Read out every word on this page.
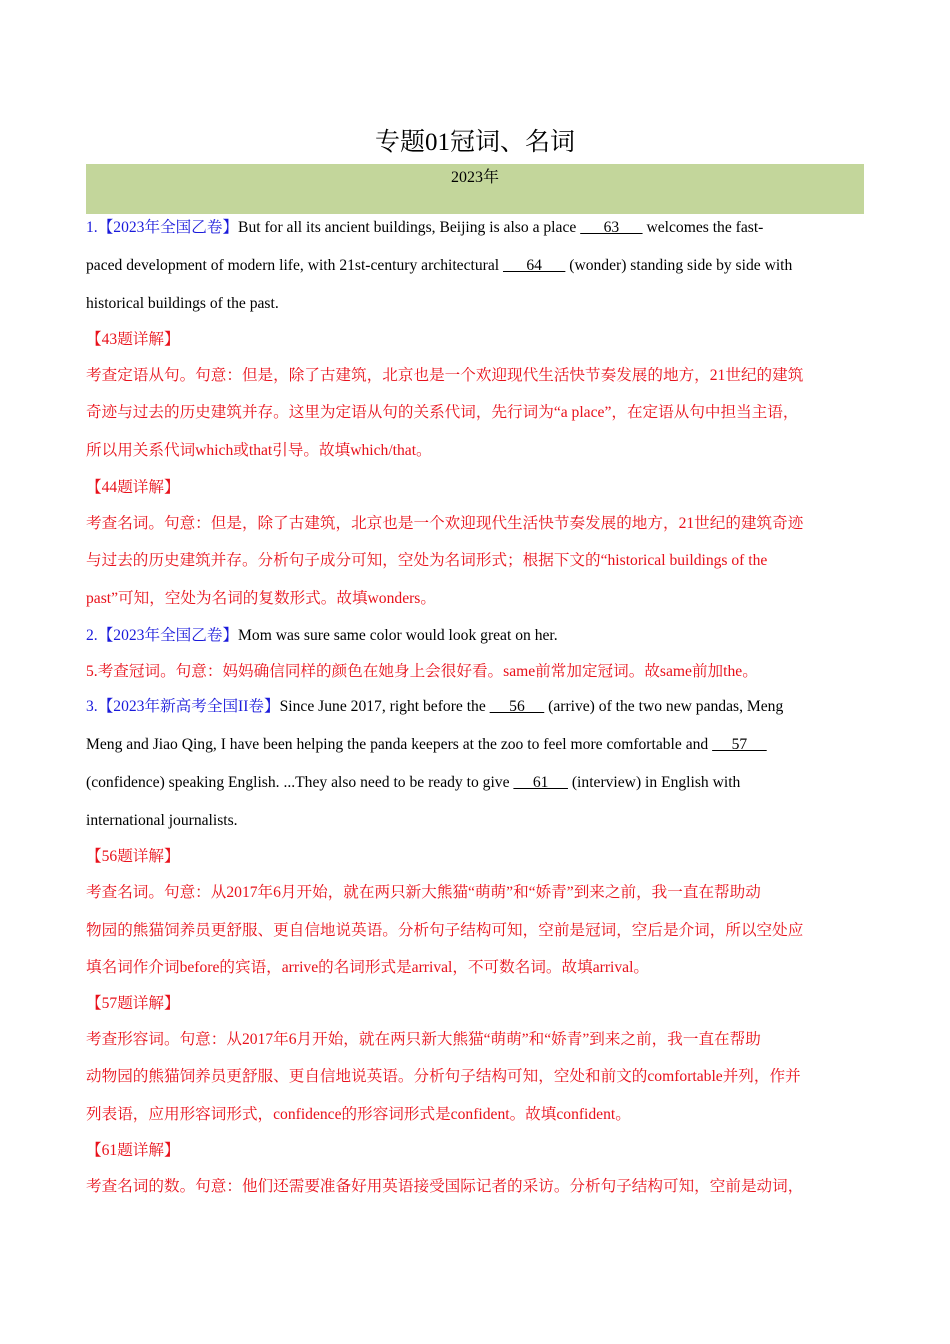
专题01冠词、名词
2023年
1.【2023年全国乙卷】But for all its ancient buildings, Beijing is also a place       63       welcomes the fast-
paced development of modern life, with 21st-century architectural       64       (wonder) standing side by side with
historical buildings of the past.
【43题详解】
考查定语从句。句意：但是，除了古建筑，北京也是一个欢迎现代生活快节奏发展的地方，21世纪的建筑
奇迹与过去的历史建筑并存。这里为定语从句的关系代词，先行词为“a place”，在定语从句中担当主语，
所以用关系代词which或that引导。故填which/that。
【44题详解】
考查名词。句意：但是，除了古建筑，北京也是一个欢迎现代生活快节奏发展的地方，21世纪的建筑奇迹
与过去的历史建筑并存。分析句子成分可知，空处为名词形式；根据下文的“historical buildings of the
past”可知，空处为名词的复数形式。故填wonders。
2.【2023年全国乙卷】Mom was sure same color would look great on her.
5.考查冠词。句意：妈妈确信同样的颜色在她身上会很好看。same前常加定冠词。故same前加the。
3.【2023年新高考全国II卷】Since June 2017, right before the      56      (arrive) of the two new pandas, Meng
Meng and Jiao Qing, I have been helping the panda keepers at the zoo to feel more comfortable and      57
(confidence) speaking English. ...They also need to be ready to give      61      (interview) in English with
international journalists.
【56题详解】
考查名词。句意：从2017年6月开始，就在两只新大熊猫“萌萌”和“娇青”到来之前，我一直在帮助动
物园的熊猫饲养员更舒服、更自信地说英语。分析句子结构可知，空前是冠词，空后是介词，所以空处应
填名词作介词before的宾语，arrive的名词形式是arrival，不可数名词。故填arrival。
【57题详解】
考查形容词。句意：从2017年6月开始，就在两只新大熊猫“萌萌”和“娇青”到来之前，我一直在帮助
动物园的熊猫饲养员更舒服、更自信地说英语。分析句子结构可知，空处和前文的comfortable并列，作并
列表语，应用形容词形式，confidence的形容词形式是confident。故填confident。
【61题详解】
考查名词的数。句意：他们还需要准备好用英语接受国际记者的采访。分析句子结构可知，空前是动词，
